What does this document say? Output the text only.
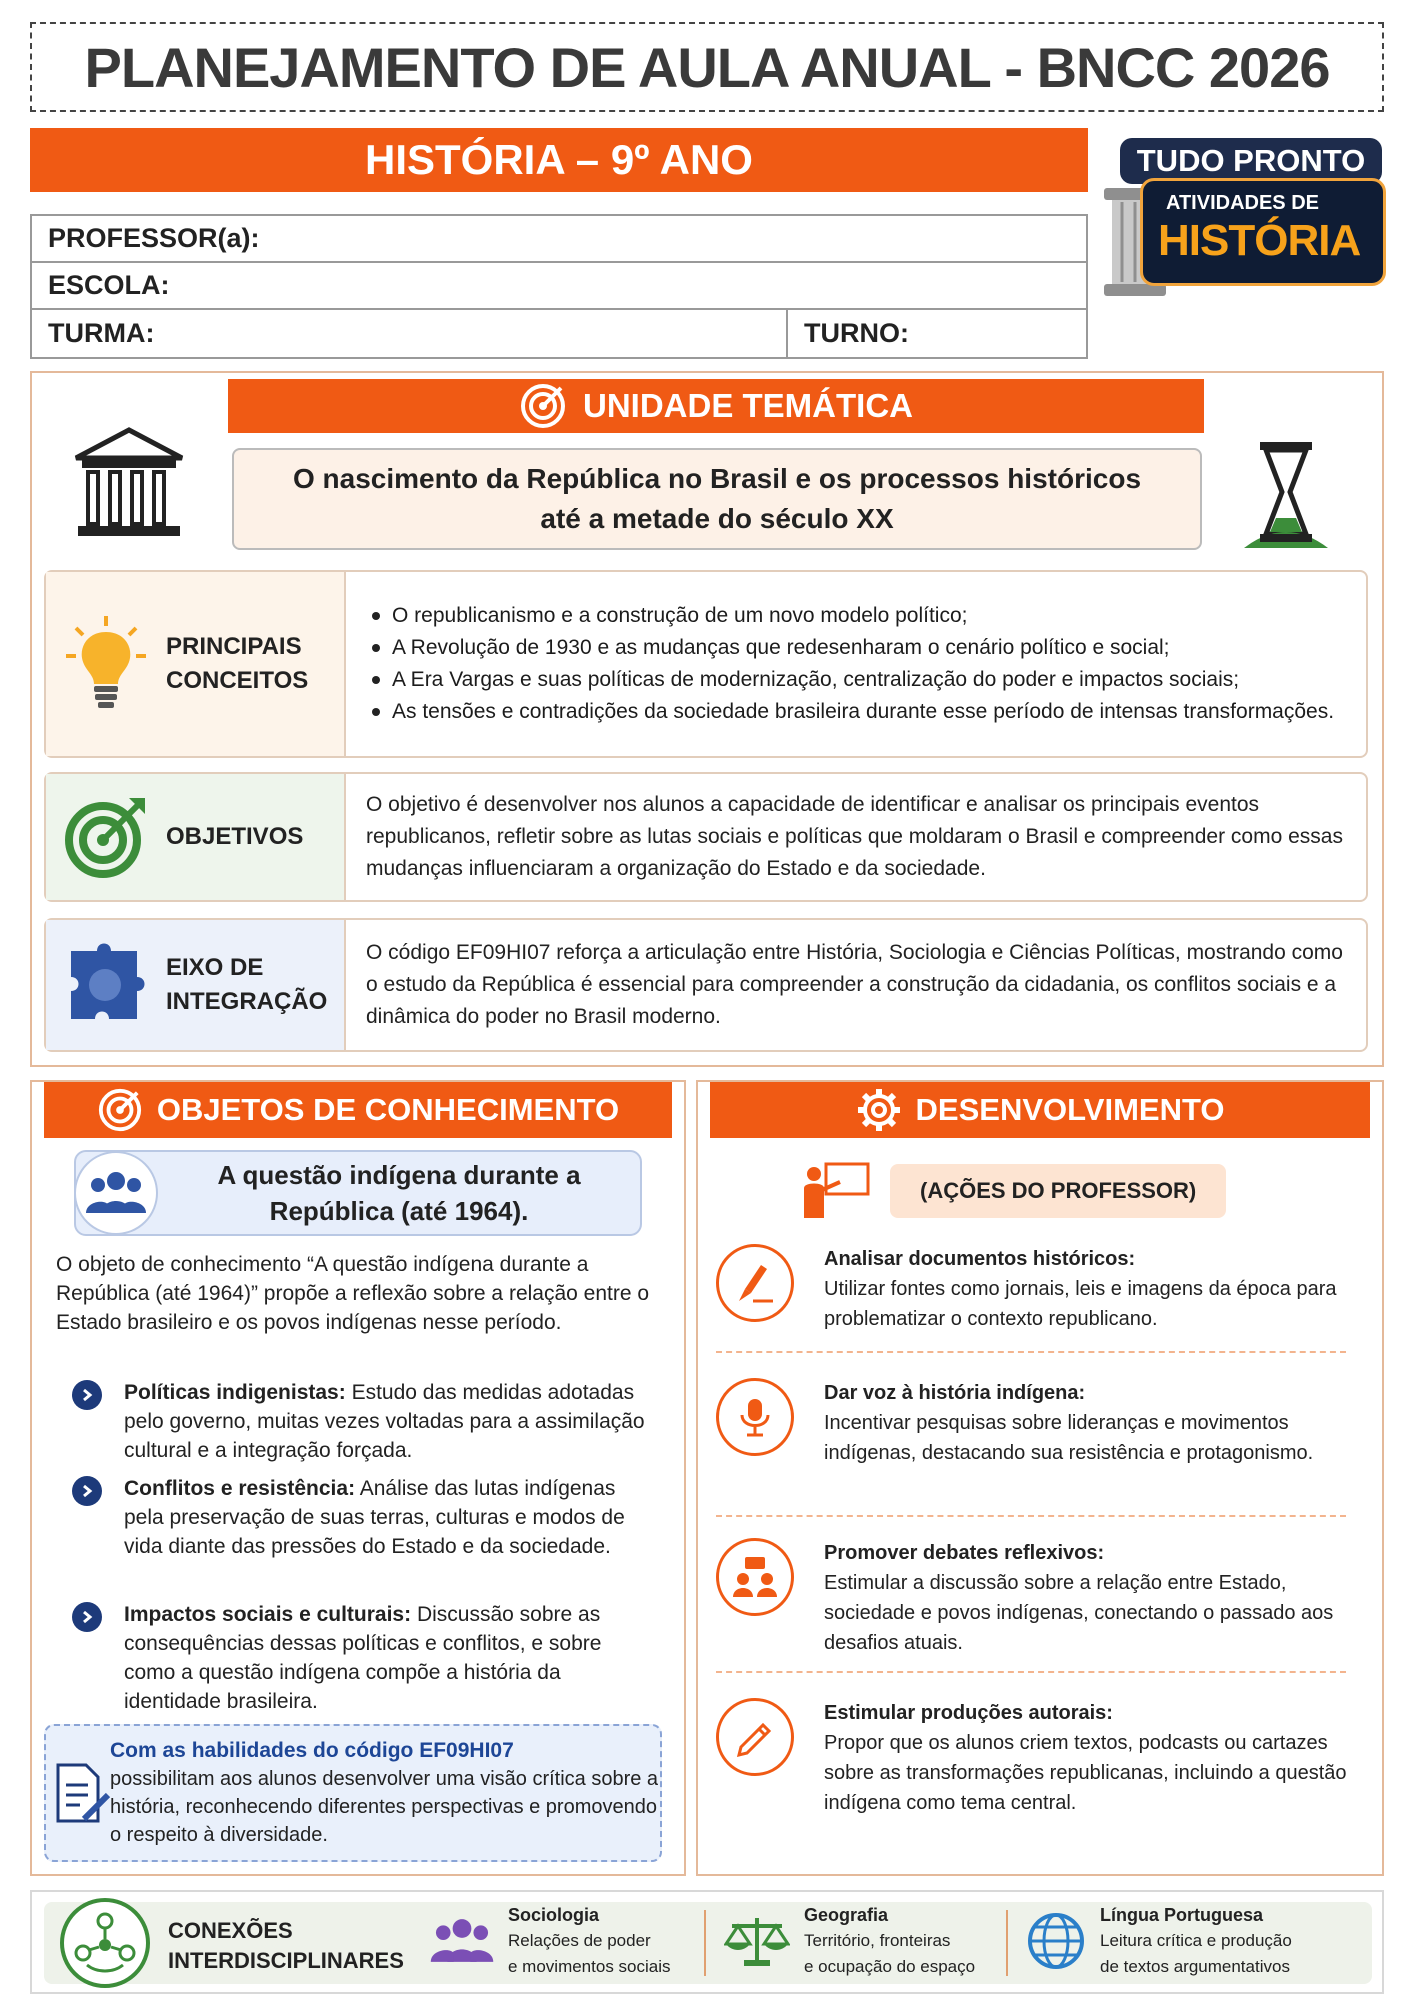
PLANEJAMENTO DE AULA ANUAL - BNCC 2026
HISTÓRIA – 9º ANO
PROFESSOR(a):
ESCOLA:
TURMA:	TURNO:
TUDO PRONTO
ATIVIDADES DE
HISTÓRIA
UNIDADE TEMÁTICA

O nascimento da República no Brasil e os processos históricos até a metade do século XX

PRINCIPAIS
CONCEITOS
O republicanismo e a construção de um novo modelo político;
A Revolução de 1930 e as mudanças que redesenharam o cenário político e social;
A Era Vargas e suas políticas de modernização, centralização do poder e impactos sociais;
As tensões e contradições da sociedade brasileira durante esse período de intensas transformações.
OBJETIVOS

O objetivo é desenvolver nos alunos a capacidade de identificar e analisar os principais eventos republicanos, refletir sobre as lutas sociais e políticas que moldaram o Brasil e compreender como essas mudanças influenciaram a organização do Estado e da sociedade.

EIXO DE
INTEGRAÇÃO

O código EF09HI07 reforça a articulação entre História, Sociologia e Ciências Políticas, mostrando como o estudo da República é essencial para compreender a construção da cidadania, os conflitos sociais e a dinâmica do poder no Brasil moderno.

OBJETOS DE CONHECIMENTO

A questão indígena durante a República (até 1964).

O objeto de conhecimento “A questão indígena durante a República (até 1964)” propõe a reflexão sobre a relação entre o Estado brasileiro e os povos indígenas nesse período.

Políticas indigenistas: Estudo das medidas adotadas pelo governo, muitas vezes voltadas para a assimilação cultural e a integração forçada.

Conflitos e resistência: Análise das lutas indígenas pela preservação de suas terras, culturas e modos de vida diante das pressões do Estado e da sociedade.

Impactos sociais e culturais: Discussão sobre as consequências dessas políticas e conflitos, e sobre como a questão indígena compõe a história da identidade brasileira.

Com as habilidades do código EF09HI07
possibilitam aos alunos desenvolver uma visão crítica sobre a história, reconhecendo diferentes perspectivas e promovendo o respeito à diversidade.

DESENVOLVIMENTO
(AÇÕES DO PROFESSOR)
Analisar documentos históricos:
Utilizar fontes como jornais, leis e imagens da época para problematizar o contexto republicano.
Dar voz à história indígena:
Incentivar pesquisas sobre lideranças e movimentos indígenas, destacando sua resistência e protagonismo.
Promover debates reflexivos:
Estimular a discussão sobre a relação entre Estado, sociedade e povos indígenas, conectando o passado aos desafios atuais.
Estimular produções autorais:
Propor que os alunos criem textos, podcasts ou cartazes sobre as transformações republicanas, incluindo a questão indígena como tema central.
CONEXÕES
INTERDISCIPLINARES
Sociologia
Relações de poder
e movimentos sociais
Geografia
Território, fronteiras
e ocupação do espaço
Língua Portuguesa
Leitura crítica e produção
de textos argumentativos
